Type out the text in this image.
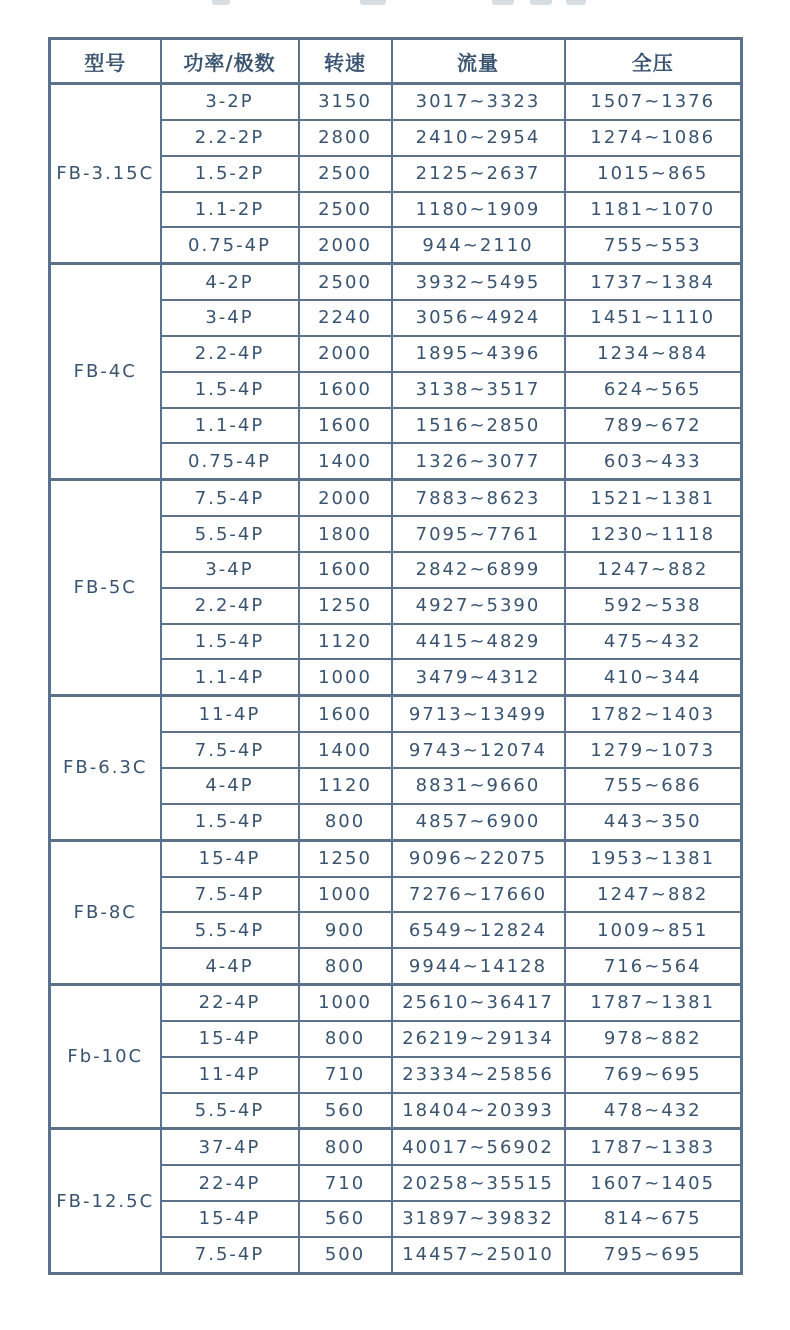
型号	功率/极数	转速	流量	全压
FB-3.15C	3-2P	3150	3017~3323	1507~1376
	2.2-2P	2800	2410~2954	1274~1086
	1.5-2P	2500	2125~2637	1015~865
	1.1-2P	2500	1180~1909	1181~1070
	0.75-4P	2000	944~2110	755~553
FB-4C	4-2P	2500	3932~5495	1737~1384
	3-4P	2240	3056~4924	1451~1110
	2.2-4P	2000	1895~4396	1234~884
	1.5-4P	1600	3138~3517	624~565
	1.1-4P	1600	1516~2850	789~672
	0.75-4P	1400	1326~3077	603~433
FB-5C	7.5-4P	2000	7883~8623	1521~1381
	5.5-4P	1800	7095~7761	1230~1118
	3-4P	1600	2842~6899	1247~882
	2.2-4P	1250	4927~5390	592~538
	1.5-4P	1120	4415~4829	475~432
	1.1-4P	1000	3479~4312	410~344
FB-6.3C	11-4P	1600	9713~13499	1782~1403
	7.5-4P	1400	9743~12074	1279~1073
	4-4P	1120	8831~9660	755~686
	1.5-4P	800	4857~6900	443~350
FB-8C	15-4P	1250	9096~22075	1953~1381
	7.5-4P	1000	7276~17660	1247~882
	5.5-4P	900	6549~12824	1009~851
	4-4P	800	9944~14128	716~564
Fb-10C	22-4P	1000	25610~36417	1787~1381
	15-4P	800	26219~29134	978~882
	11-4P	710	23334~25856	769~695
	5.5-4P	560	18404~20393	478~432
FB-12.5C	37-4P	800	40017~56902	1787~1383
	22-4P	710	20258~35515	1607~1405
	15-4P	560	31897~39832	814~675
	7.5-4P	500	14457~25010	795~695
